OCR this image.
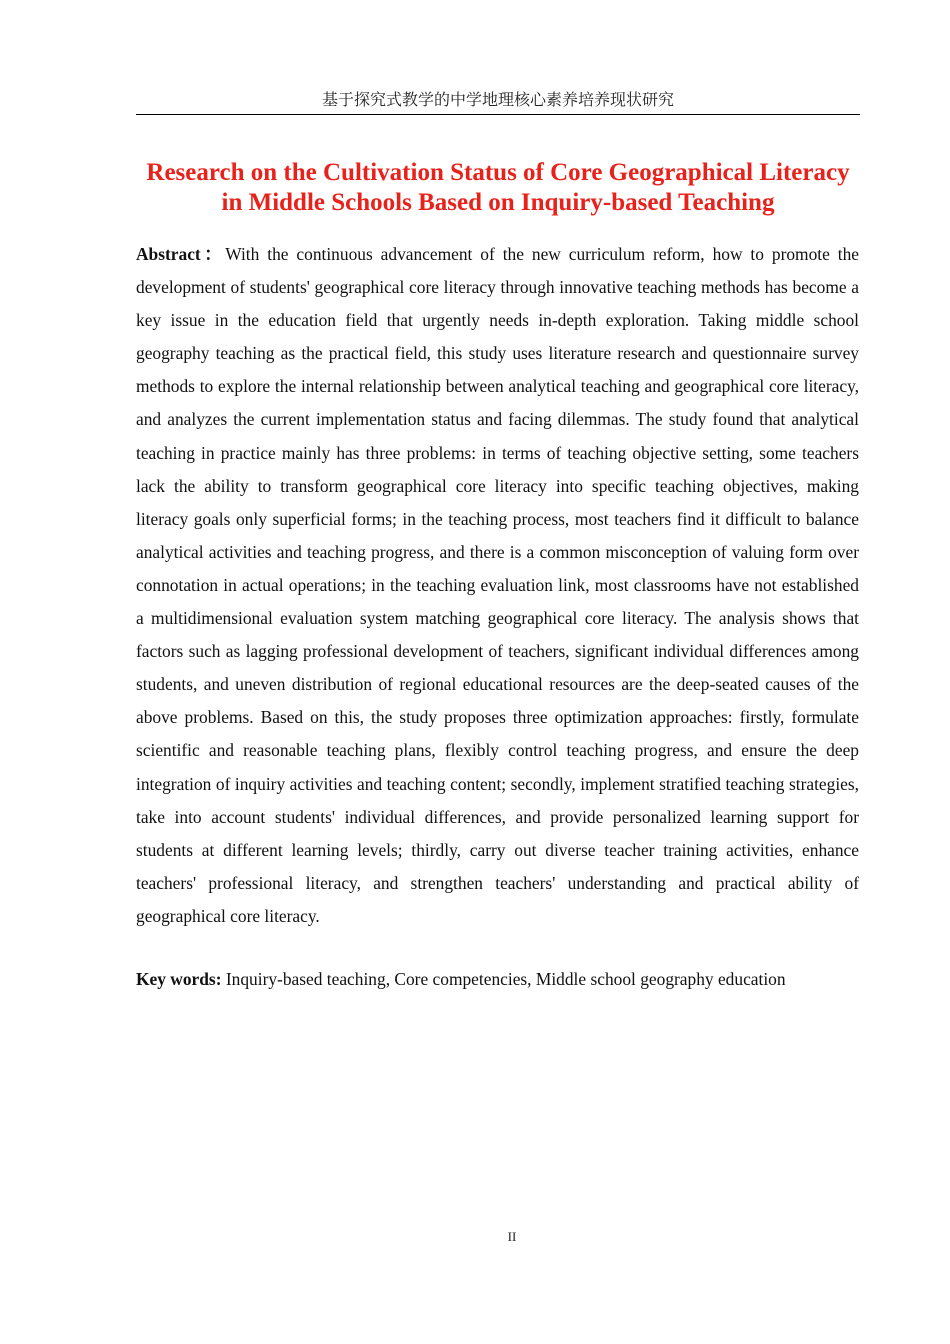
基于探究式教学的中学地理核心素养培养现状研究
Research on the Cultivation Status of Core Geographical Literacy
in Middle Schools Based on Inquiry-based Teaching

Abstract：With the continuous advancement of the new curriculum reform, how to promote the development of students' geographical core literacy through innovative teaching methods has become a key issue in the education field that urgently needs in-depth exploration. Taking middle school geography teaching as the practical field, this study uses literature research and questionnaire survey methods to explore the internal relationship between analytical teaching and geographical core literacy, and analyzes the current implementation status and facing dilemmas. The study found that analytical teaching in practice mainly has three problems: in terms of teaching objective setting, some teachers lack the ability to transform geographical core literacy into specific teaching objectives, making literacy goals only superficial forms; in the teaching process, most teachers find it difficult to balance analytical activities and teaching progress, and there is a common misconception of valuing form over connotation in actual operations; in the teaching evaluation link, most classrooms have not established a multidimensional evaluation system matching geographical core literacy. The analysis shows that factors such as lagging professional development of teachers, significant individual differences among students, and uneven distribution of regional educational resources are the deep-seated causes of the above problems. Based on this, the study proposes three optimization approaches: firstly, formulate scientific and reasonable teaching plans, flexibly control teaching progress, and ensure the deep integration of inquiry activities and teaching content; secondly, implement stratified teaching strategies, take into account students' individual differences, and provide personalized learning support for students at different learning levels; thirdly, carry out diverse teacher training activities, enhance teachers' professional literacy, and strengthen teachers' understanding and practical ability of geographical core literacy.

Key words: Inquiry-based teaching, Core competencies, Middle school geography education

II
